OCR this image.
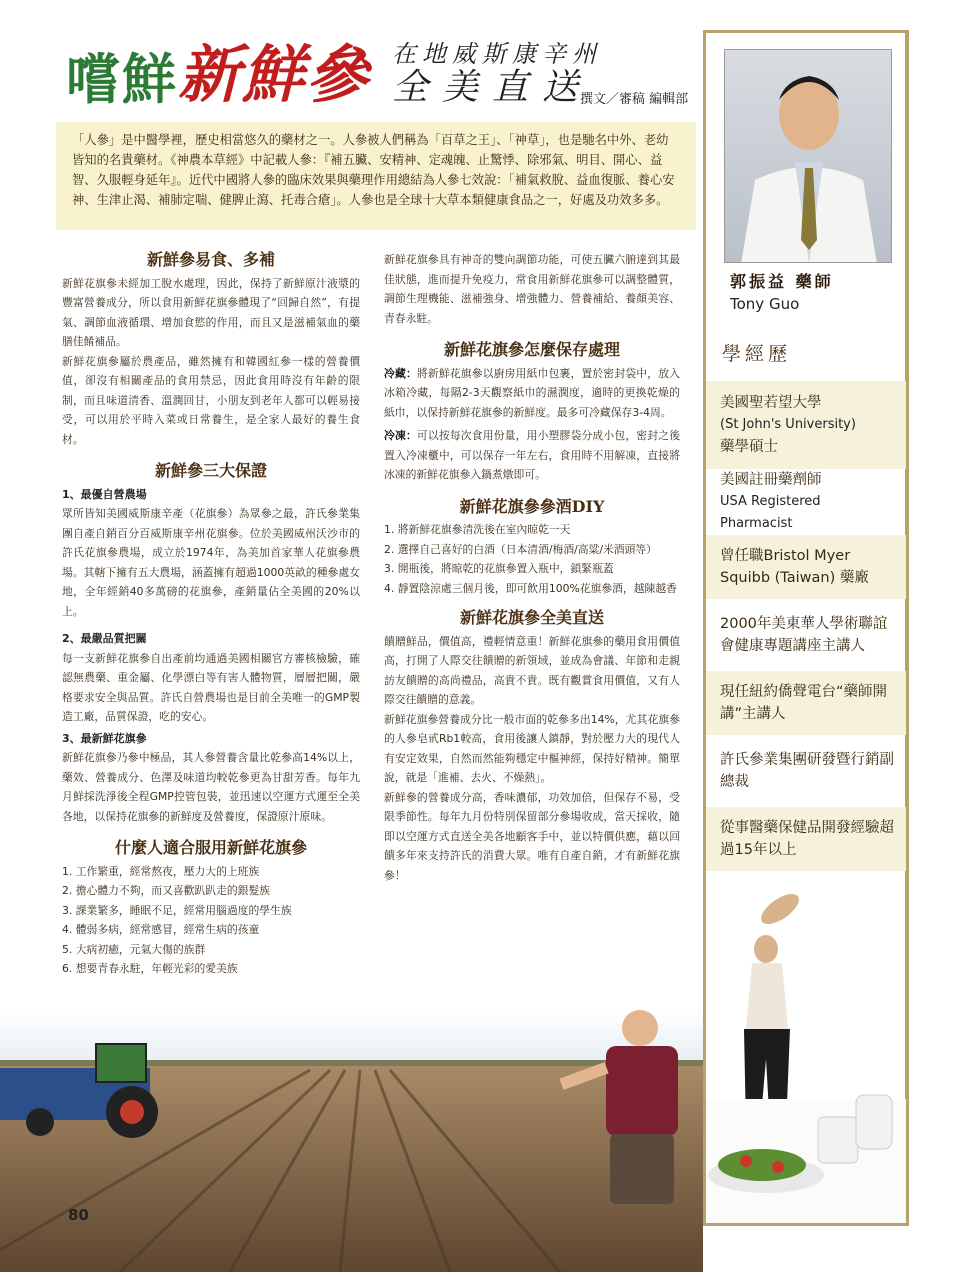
嚐鮮 新鮮參 在地威斯康辛州
全美直送
撰文／審稿 編輯部
「人參」是中醫學裡，歷史相當悠久的藥材之一。人參被人們稱為「百草之王」、「神草」，也是馳名中外、老幼皆知的名貴藥材。《神農本草經》中記載人參：『補五臟、安精神、定魂魄、止驚悸、除邪氣、明目、開心、益智、久服輕身延年』。近代中國將人參的臨床效果與藥理作用總結為人參七效說：「補氣救脫、益血復脈、養心安神、生津止渴、補肺定喘、健脾止瀉、托毒合瘡」。人參也是全球十大草本類健康食品之一，好處及功效多多。
新鮮參易食、多補

新鮮花旗參未經加工脫水處理，因此，保持了新鮮原汁液漿的豐富營養成分，所以食用新鮮花旗參體現了“回歸自然”，有提氣、調節血液循環、增加食慾的作用，而且又是滋補氣血的藥膳佳餚補品。

新鮮花旗參屬於農產品，雖然擁有和韓國紅參一樣的營養價值，卻沒有相關產品的食用禁忌，因此食用時沒有年齡的限制，而且味道清香、溫潤回甘，小朋友到老年人都可以輕易接受，可以用於平時入菜或日常養生，是全家人最好的養生食材。

新鮮參三大保證
1、最優自營農場

眾所皆知美國威斯康辛產（花旗參）為眾參之最，許氏參業集團自產自銷百分百威斯康辛州花旗參。位於美國威州沃沙市的許氏花旗參農場，成立於1974年，為美加首家華人花旗參農場。其轄下擁有五大農場，涵蓋擁有超過1000英畝的種參處女地，全年經銷40多萬磅的花旗參，產銷量佔全美國的20%以上。

2、最嚴品質把關

每一支新鮮花旗參自出產前均通過美國相關官方審核檢驗，確認無農藥、重金屬、化學漂白等有害人體物質，層層把關，嚴格要求安全與品質。許氏自營農場也是目前全美唯一的GMP製造工廠，品質保證，吃的安心。

3、最新鮮花旗參

新鮮花旗參乃參中極品，其人參營養含量比乾參高14%以上，藥效、營養成分、色澤及味道均較乾參更為甘甜芳香。每年九月鮮採洗淨後全程GMP控管包裝，並迅速以空運方式運至全美各地，以保持花旗參的新鮮度及營養度，保證原汁原味。

什麼人適合服用新鮮花旗參
1. 工作繁重，經常熬夜，壓力大的上班族
2. 擔心體力不夠，而又喜歡趴趴走的銀髮族
3. 課業繁多，睡眠不足，經常用腦過度的學生族
4. 體弱多病，經常感冒，經常生病的孩童
5. 大病初癒，元氣大傷的族群
6. 想要青春永駐，年輕光彩的愛美族

新鮮花旗參具有神奇的雙向調節功能，可使五臟六腑達到其最佳狀態，進而提升免疫力，常食用新鮮花旗參可以調整體質，調節生理機能、滋補強身、增強體力、營養補給、養顏美容、青春永駐。

新鮮花旗參怎麼保存處理

冷藏：將新鮮花旗參以廚房用紙巾包裹，置於密封袋中，放入冰箱冷藏，每隔2-3天觀察紙巾的濕潤度，適時的更換乾燥的紙巾，以保持新鮮花旗參的新鮮度。最多可冷藏保存3-4周。

冷凍：可以按每次食用份量，用小塑膠袋分成小包，密封之後置入冷凍櫃中，可以保存一年左右，食用時不用解凍，直接將冰凍的新鮮花旗參入鍋煮燉即可。

新鮮花旗參參酒DIY
1. 將新鮮花旗參清洗後在室內晾乾一天
2. 選擇自己喜好的白酒（日本清酒/梅酒/高粱/米酒頭等）
3. 開瓶後，將晾乾的花旗參置入瓶中，鎖緊瓶蓋
4. 靜置陰涼處三個月後，即可飲用100%花旗參酒，越陳越香
新鮮花旗參全美直送

饋贈鮮品，價值高，禮輕情意重！新鮮花旗參的藥用食用價值高，打開了人際交往饋贈的新領域，並成為會議、年節和走親訪友饋贈的高尚禮品，高貴不貴。既有觀賞食用價值，又有人際交往饋贈的意義。

新鮮花旗參營養成分比一般市面的乾參多出14%，尤其花旗參的人參皂甙Rb1較高，食用後讓人鎮靜，對於壓力大的現代人有安定效果，自然而然能夠穩定中樞神經，保持好精神。簡單說，就是「進補、去火、不燥熱」。

新鮮參的營養成分高，香味濃郁，功效加倍，但保存不易，受限季節性。每年九月份特別保留部分參場收成，當天採收，隨即以空運方式直送全美各地顧客手中，並以特價供應，藉以回饋多年來支持許氏的消費大眾。唯有自產自銷，才有新鮮花旗參！

郭振益 藥師
Tony Guo
學經歷
美國聖若望大學
(St John's University)
藥學碩士
美國註冊藥劑師
USA Registered Pharmacist
曾任職Bristol Myer Squibb (Taiwan) 藥廠
2000年美東華人學術聯誼會健康專題講座主講人
現任紐約僑聲電台“藥師開講”主講人
許氏參業集團研發暨行銷副總裁
從事醫藥保健品開發經驗超過15年以上
80
